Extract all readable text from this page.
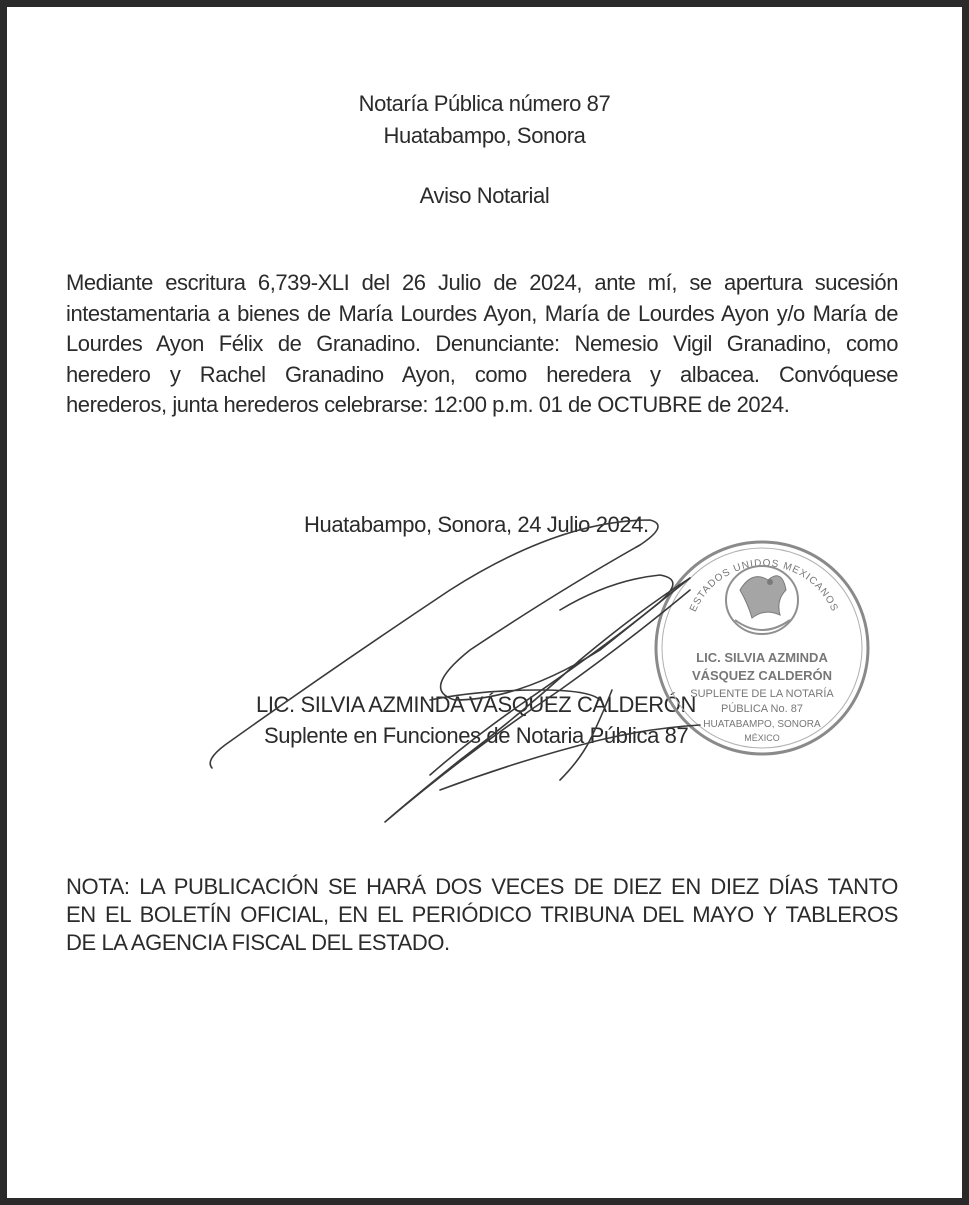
Notaría Pública número 87
Huatabampo, Sonora
Aviso Notarial
Mediante escritura 6,739-XLI del 26 Julio de 2024, ante mí, se apertura sucesión
intestamentaria a bienes de María Lourdes Ayon, María de Lourdes Ayon y/o María de
Lourdes Ayon Félix de Granadino. Denunciante: Nemesio Vigil Granadino, como
heredero y Rachel Granadino Ayon, como heredera y albacea. Convóquese
herederos, junta herederos celebrarse: 12:00 p.m. 01 de OCTUBRE de 2024.
Huatabampo, Sonora, 24 Julio 2024.
LIC. SILVIA AZMINDA VÁSQUEZ CALDERÓN
Suplente en Funciones de Notaria Pública 87
ESTADOS UNIDOS MEXICANOS
LIC. SILVIA AZMINDA
VÁSQUEZ CALDERÓN
SUPLENTE DE LA NOTARÍA
PÚBLICA No. 87
HUATABAMPO, SONORA
MÉXICO
NOTA: LA PUBLICACIÓN SE HARÁ DOS VECES DE DIEZ EN DIEZ DÍAS TANTO
EN EL BOLETÍN OFICIAL, EN EL PERIÓDICO TRIBUNA DEL MAYO Y TABLEROS
DE LA AGENCIA FISCAL DEL ESTADO.
